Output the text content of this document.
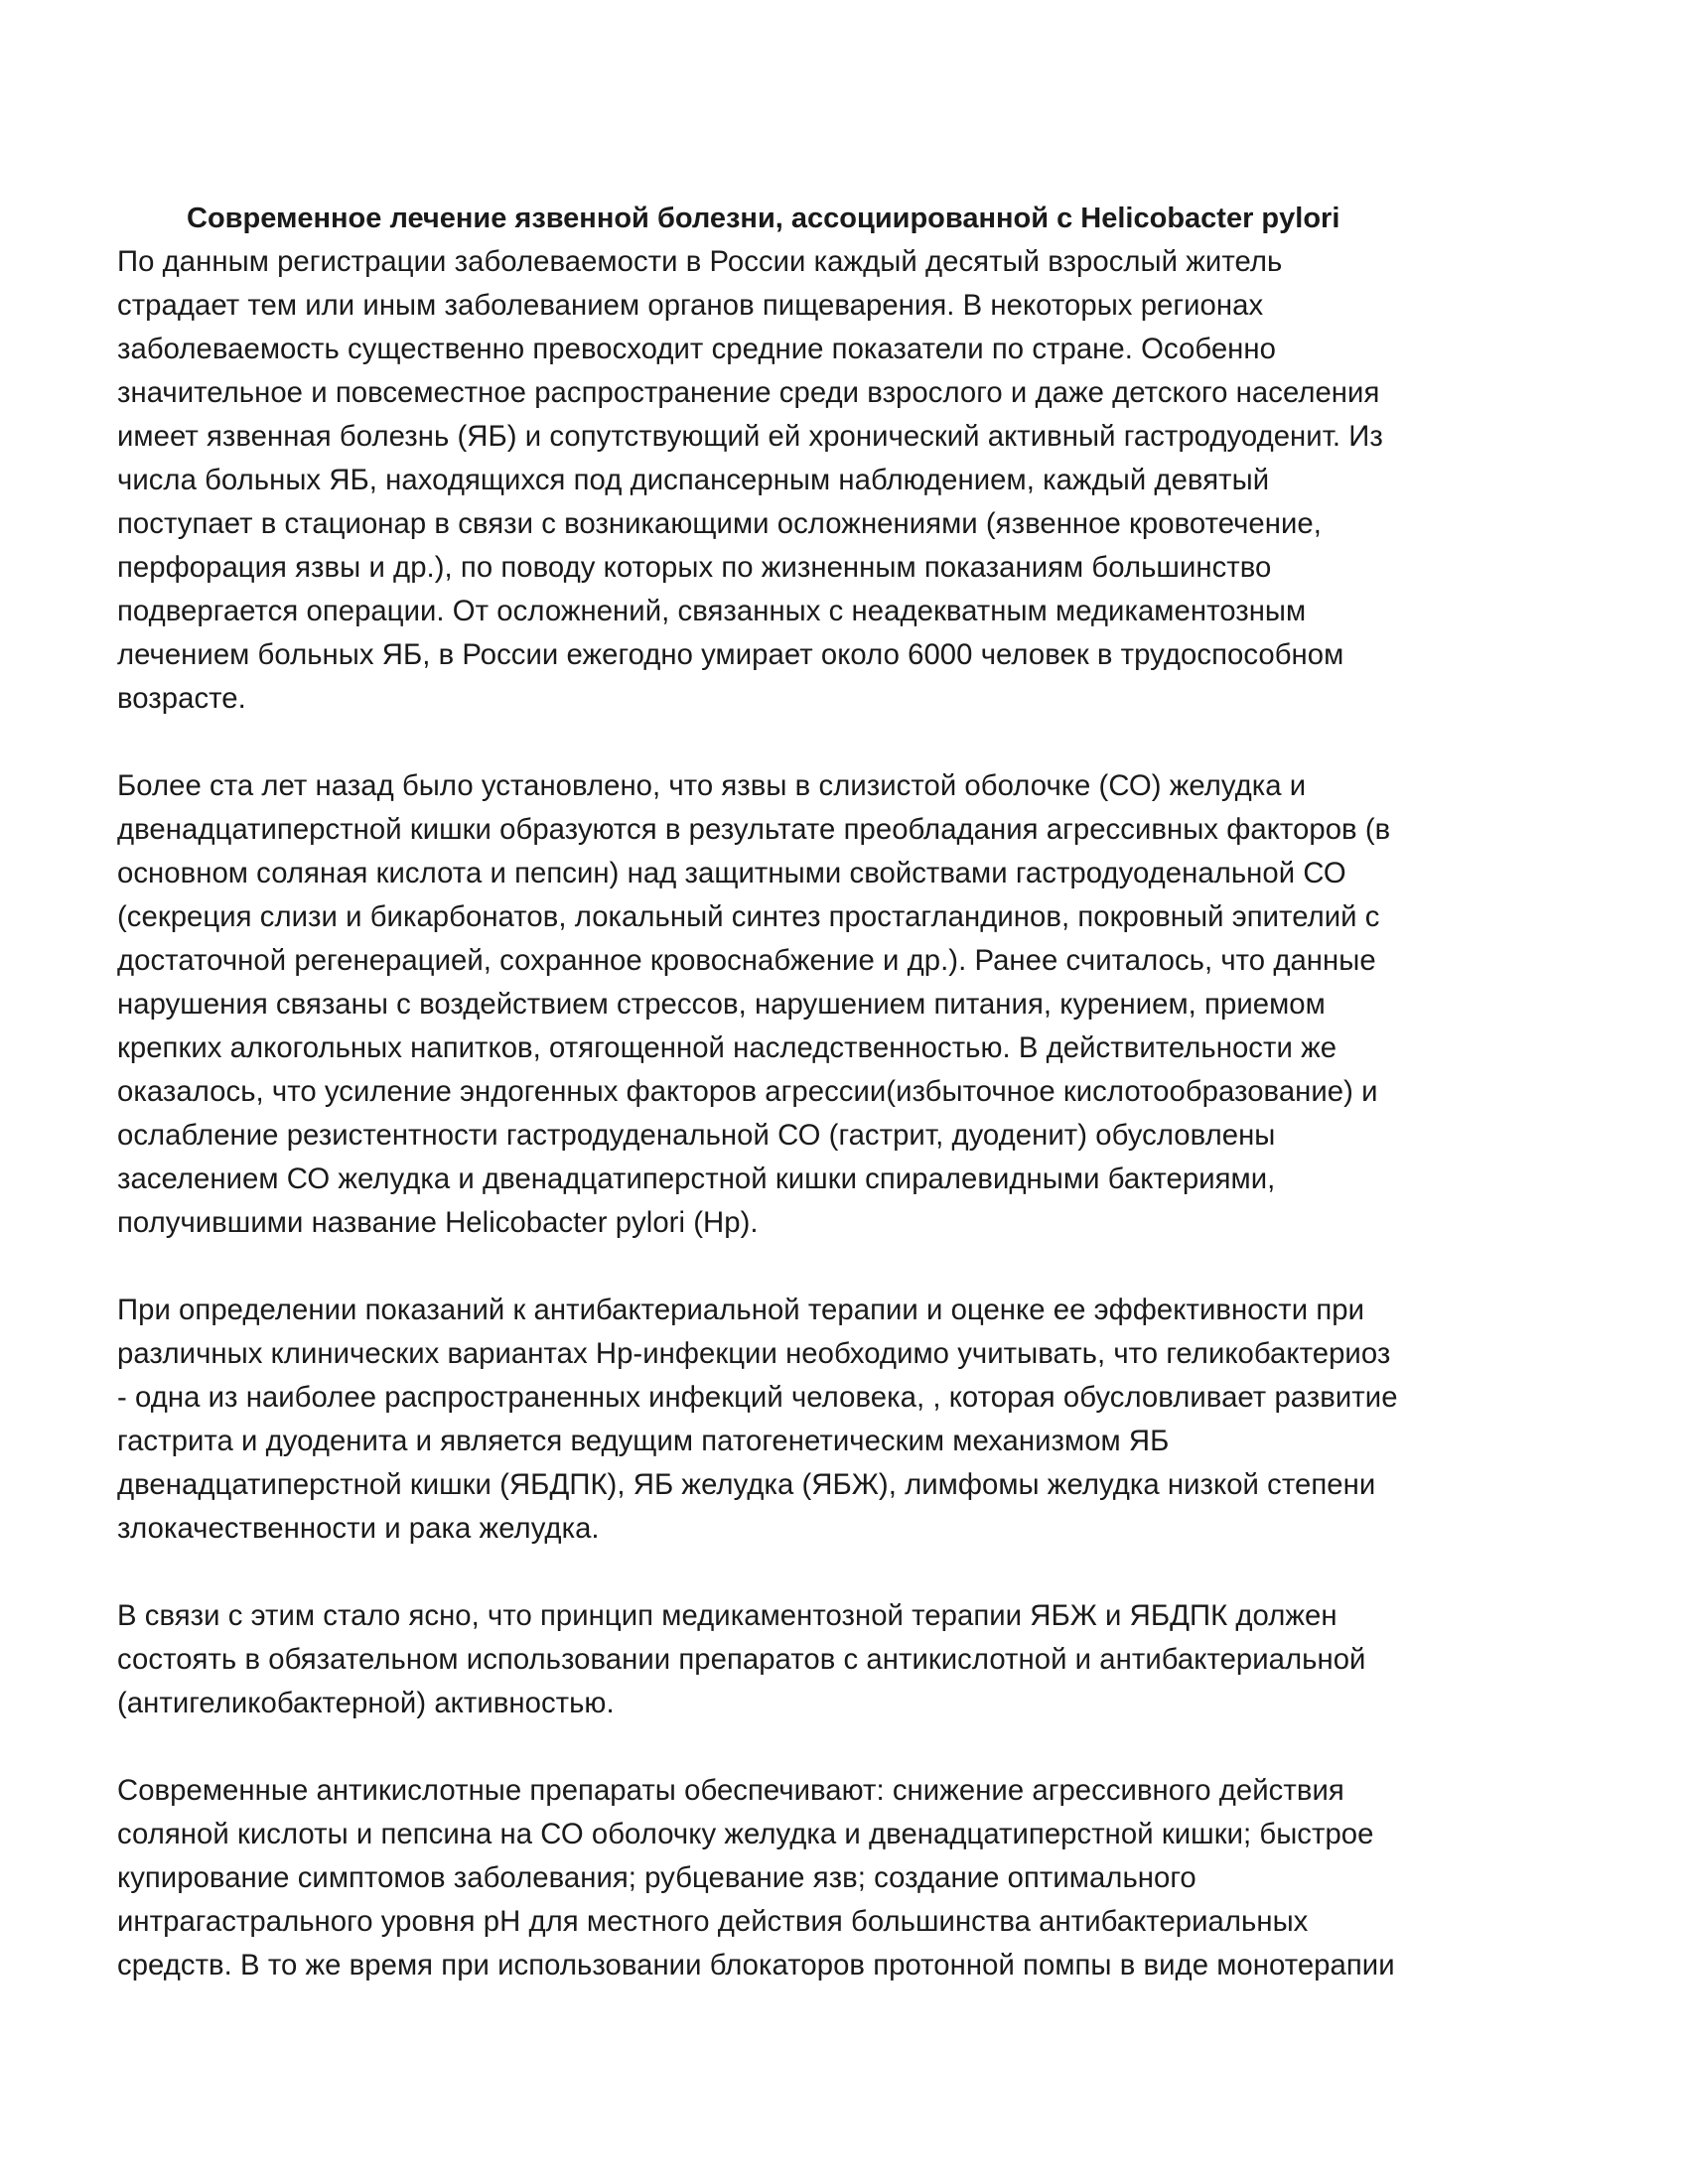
Современное лечение язвенной болезни, ассоциированной с Helicobacter pylori
По данным регистрации заболеваемости в России каждый десятый взрослый житель
страдает тем или иным заболеванием органов пищеварения. В некоторых регионах
заболеваемость существенно превосходит средние показатели по стране. Особенно
значительное и повсеместное распространение среди взрослого и даже детского населения
имеет язвенная болезнь (ЯБ) и сопутствующий ей хронический активный гастродуоденит. Из
числа больных ЯБ, находящихся под диспансерным наблюдением, каждый девятый
поступает в стационар в связи с возникающими осложнениями (язвенное кровотечение,
перфорация язвы и др.), по поводу которых по жизненным показаниям большинство
подвергается операции. От осложнений, связанных с неадекватным медикаментозным
лечением больных ЯБ, в России ежегодно умирает около 6000 человек в трудоспособном
возрасте.
Более ста лет назад было установлено, что язвы в слизистой оболочке (СО) желудка и
двенадцатиперстной кишки образуются в результате преобладания агрессивных факторов (в
основном соляная кислота и пепсин) над защитными свойствами гастродуоденальной СО
(секреция слизи и бикарбонатов, локальный синтез простагландинов, покровный эпителий с
достаточной регенерацией, сохранное кровоснабжение и др.). Ранее считалось, что данные
нарушения связаны с воздействием стрессов, нарушением питания, курением, приемом
крепких алкогольных напитков, отягощенной наследственностью. В действительности же
оказалось, что усиление эндогенных факторов агрессии(избыточное кислотообразование) и
ослабление резистентности гастродуденальной СО (гастрит, дуоденит) обусловлены
заселением СО желудка и двенадцатиперстной кишки спиралевидными бактериями,
получившими название Helicobacter pylori (Hp).
При определении показаний к антибактериальной терапии и оценке ее эффективности при
различных клинических вариантах Hp-инфекции необходимо учитывать, что геликобактериоз
- одна из наиболее распространенных инфекций человека, , которая обусловливает развитие
гастрита и дуоденита и является ведущим патогенетическим механизмом ЯБ
двенадцатиперстной кишки (ЯБДПК), ЯБ желудка (ЯБЖ), лимфомы желудка низкой степени
злокачественности и рака желудка.
В связи с этим стало ясно, что принцип медикаментозной терапии ЯБЖ и ЯБДПК должен
состоять в обязательном использовании препаратов с антикислотной и антибактериальной
(антигеликобактерной) активностью.
Современные антикислотные препараты обеспечивают: снижение агрессивного действия
соляной кислоты и пепсина на СО оболочку желудка и двенадцатиперстной кишки; быстрое
купирование симптомов заболевания; рубцевание язв; создание оптимального
интрагастрального уровня pH для местного действия большинства антибактериальных
средств. В то же время при использовании блокаторов протонной помпы в виде монотерапии
